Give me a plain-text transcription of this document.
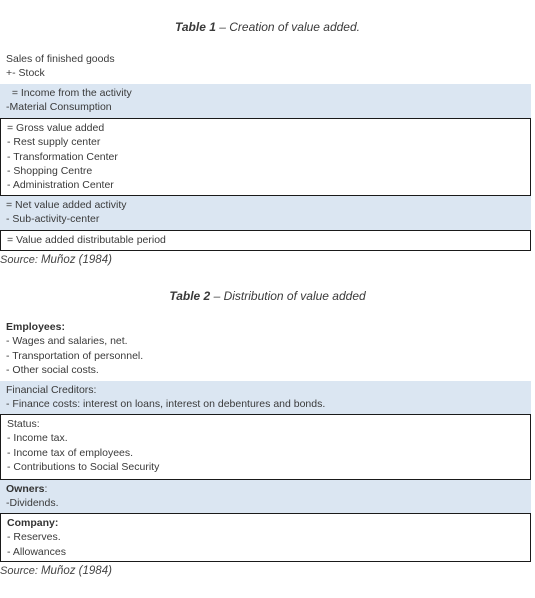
Table 1 – Creation of value added.
Sales of finished goods
+- Stock
= Income from the activity
-Material Consumption
= Gross value added
- Rest supply center
- Transformation Center
- Shopping Centre
- Administration Center
= Net value added activity
- Sub-activity-center
= Value added distributable period
Source: Muñoz (1984)
Table 2 – Distribution of value added
Employees:
- Wages and salaries, net.
- Transportation of personnel.
- Other social costs.
Financial Creditors:
- Finance costs: interest on loans, interest on debentures and bonds.
Status:
- Income tax.
- Income tax of employees.
- Contributions to Social Security
Owners:
-Dividends.
Company:
- Reserves.
- Allowances
Source: Muñoz (1984)
